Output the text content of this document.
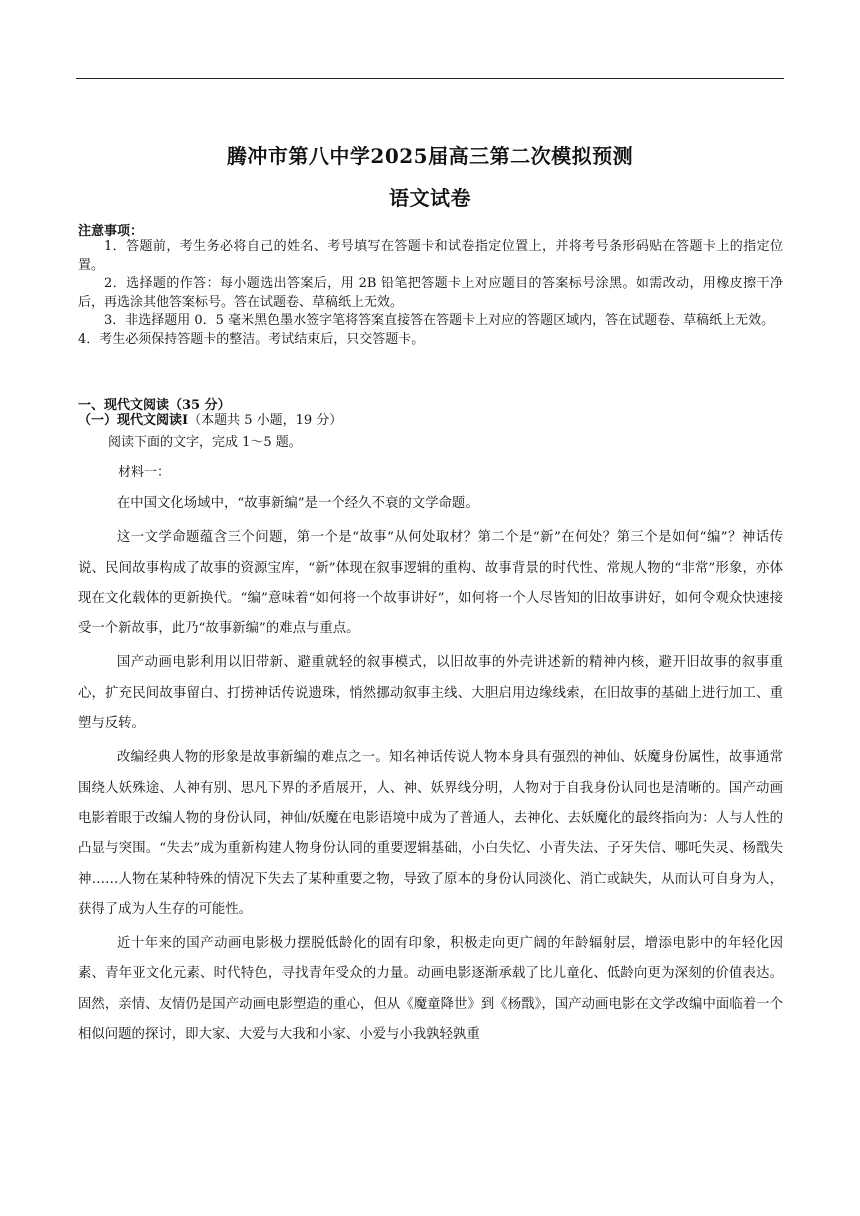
腾冲市第八中学2025届高三第二次模拟预测
语文试卷
注意事项：

1．答题前，考生务必将自己的姓名、考号填写在答题卡和试卷指定位置上，并将考号条形码贴在答题卡上的指定位置。

2．选择题的作答：每小题选出答案后，用 2B 铅笔把答题卡上对应题目的答案标号涂黑。如需改动，用橡皮擦干净后，再选涂其他答案标号。答在试题卷、草稿纸上无效。

3．非选择题用 0．5 毫米黑色墨水签字笔将答案直接答在答题卡上对应的答题区域内，答在试题卷、草稿纸上无效。

4．考生必须保持答题卡的整洁。考试结束后，只交答题卡。

一、现代文阅读（35 分）
（一）现代文阅读Ⅰ（本题共 5 小题，19 分）
阅读下面的文字，完成 1～5 题。
材料一：

在中国文化场域中，“故事新编”是一个经久不衰的文学命题。

这一文学命题蕴含三个问题，第一个是“故事”从何处取材？第二个是“新”在何处？第三个是如何“编”？神话传说、民间故事构成了故事的资源宝库，“新”体现在叙事逻辑的重构、故事背景的时代性、常规人物的“非常”形象，亦体现在文化载体的更新换代。“编”意味着“如何将一个故事讲好”，如何将一个人尽皆知的旧故事讲好，如何令观众快速接受一个新故事，此乃“故事新编”的难点与重点。

国产动画电影利用以旧带新、避重就轻的叙事模式，以旧故事的外壳讲述新的精神内核，避开旧故事的叙事重心，扩充民间故事留白、打捞神话传说遗珠，悄然挪动叙事主线、大胆启用边缘线索，在旧故事的基础上进行加工、重塑与反转。

改编经典人物的形象是故事新编的难点之一。知名神话传说人物本身具有强烈的神仙、妖魔身份属性，故事通常围绕人妖殊途、人神有别、思凡下界的矛盾展开，人、神、妖界线分明，人物对于自我身份认同也是清晰的。国产动画电影着眼于改编人物的身份认同，神仙/妖魔在电影语境中成为了普通人，去神化、去妖魔化的最终指向为：人与人性的凸显与突围。“失去”成为重新构建人物身份认同的重要逻辑基础，小白失忆、小青失法、子牙失信、哪吒失灵、杨戬失神……人物在某种特殊的情况下失去了某种重要之物，导致了原本的身份认同淡化、消亡或缺失，从而认可自身为人，获得了成为人生存的可能性。

近十年来的国产动画电影极力摆脱低龄化的固有印象，积极走向更广阔的年龄辐射层，增添电影中的年轻化因素、青年亚文化元素、时代特色，寻找青年受众的力量。动画电影逐渐承载了比儿童化、低龄向更为深刻的价值表达。固然，亲情、友情仍是国产动画电影塑造的重心，但从《魔童降世》到《杨戬》，国产动画电影在文学改编中面临着一个相似问题的探讨，即大家、大爱与大我和小家、小爱与小我孰轻孰重
